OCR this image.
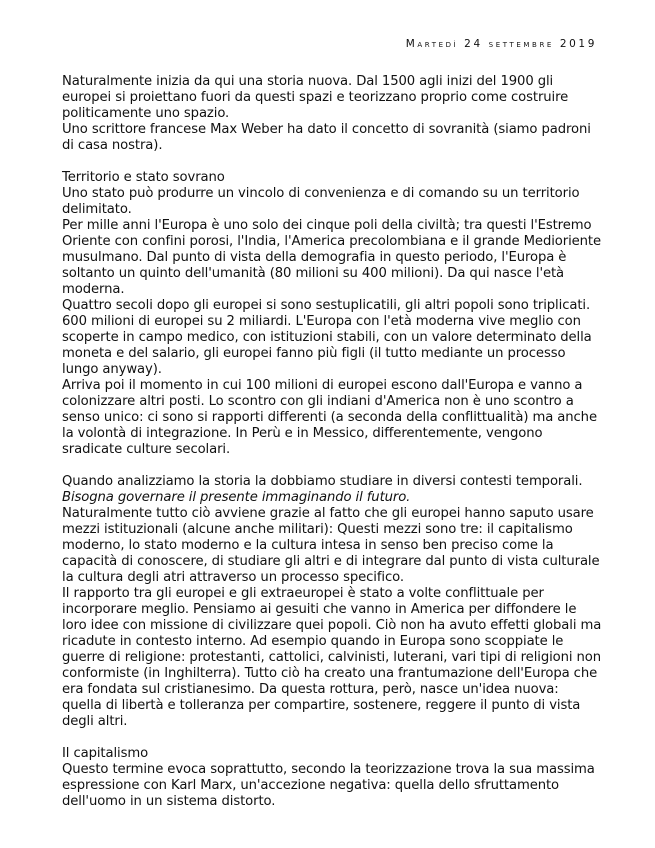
Martedì 24 settembre 2019

Naturalmente inizia da qui una storia nuova. Dal 1500 agli inizi del 1900 gli europei si proiettano fuori da questi spazi e teorizzano proprio come costruire politicamente uno spazio.

Uno scrittore francese Max Weber ha dato il concetto di sovranità (siamo padroni di casa nostra).

Territorio e stato sovrano

Uno stato può produrre un vincolo di convenienza e di comando su un territorio delimitato.

Per mille anni l'Europa è uno solo dei cinque poli della civiltà; tra questi l'Estremo Oriente con confini porosi, l'India, l'America precolombiana e il grande Medioriente musulmano. Dal punto di vista della demografia in questo periodo, l'Europa è soltanto un quinto dell'umanità (80 milioni su 400 milioni). Da qui nasce l'età moderna.

Quattro secoli dopo gli europei si sono sestuplicatili, gli altri popoli sono triplicati. 600 milioni di europei su 2 miliardi. L'Europa con l'età moderna vive meglio con scoperte in campo medico, con istituzioni stabili, con un valore determinato della moneta e del salario, gli europei fanno più figli (il tutto mediante un processo lungo anyway).

Arriva poi il momento in cui 100 milioni di europei escono dall'Europa e vanno a colonizzare altri posti. Lo scontro con gli indiani d'America non è uno scontro a senso unico: ci sono si rapporti differenti (a seconda della conflittualità) ma anche la volontà di integrazione. In Perù e in Messico, differentemente, vengono sradicate culture secolari.

Quando analizziamo la storia la dobbiamo studiare in diversi contesti temporali.

Bisogna governare il presente immaginando il futuro.

Naturalmente tutto ciò avviene grazie al fatto che gli europei hanno saputo usare mezzi istituzionali (alcune anche militari): Questi mezzi sono tre: il capitalismo moderno, lo stato moderno e la cultura intesa in senso ben preciso come la capacità di conoscere, di studiare gli altri e di integrare dal punto di vista culturale la cultura degli atri attraverso un processo specifico.

Il rapporto tra gli europei e gli extraeuropei è stato a volte conflittuale per incorporare meglio. Pensiamo ai gesuiti che vanno in America per diffondere le loro idee con missione di civilizzare quei popoli. Ciò non ha avuto effetti globali ma ricadute in contesto interno. Ad esempio quando in Europa sono scoppiate le guerre di religione: protestanti, cattolici, calvinisti, luterani, vari tipi di religioni non conformiste (in Inghilterra). Tutto ciò ha creato una frantumazione dell'Europa che era fondata sul cristianesimo. Da questa rottura, però, nasce un'idea nuova: quella di libertà e tolleranza per compartire, sostenere, reggere il punto di vista degli altri.

Il capitalismo

Questo termine evoca soprattutto, secondo la teorizzazione trova la sua massima espressione con Karl Marx, un'accezione negativa: quella dello sfruttamento dell'uomo in un sistema distorto.
